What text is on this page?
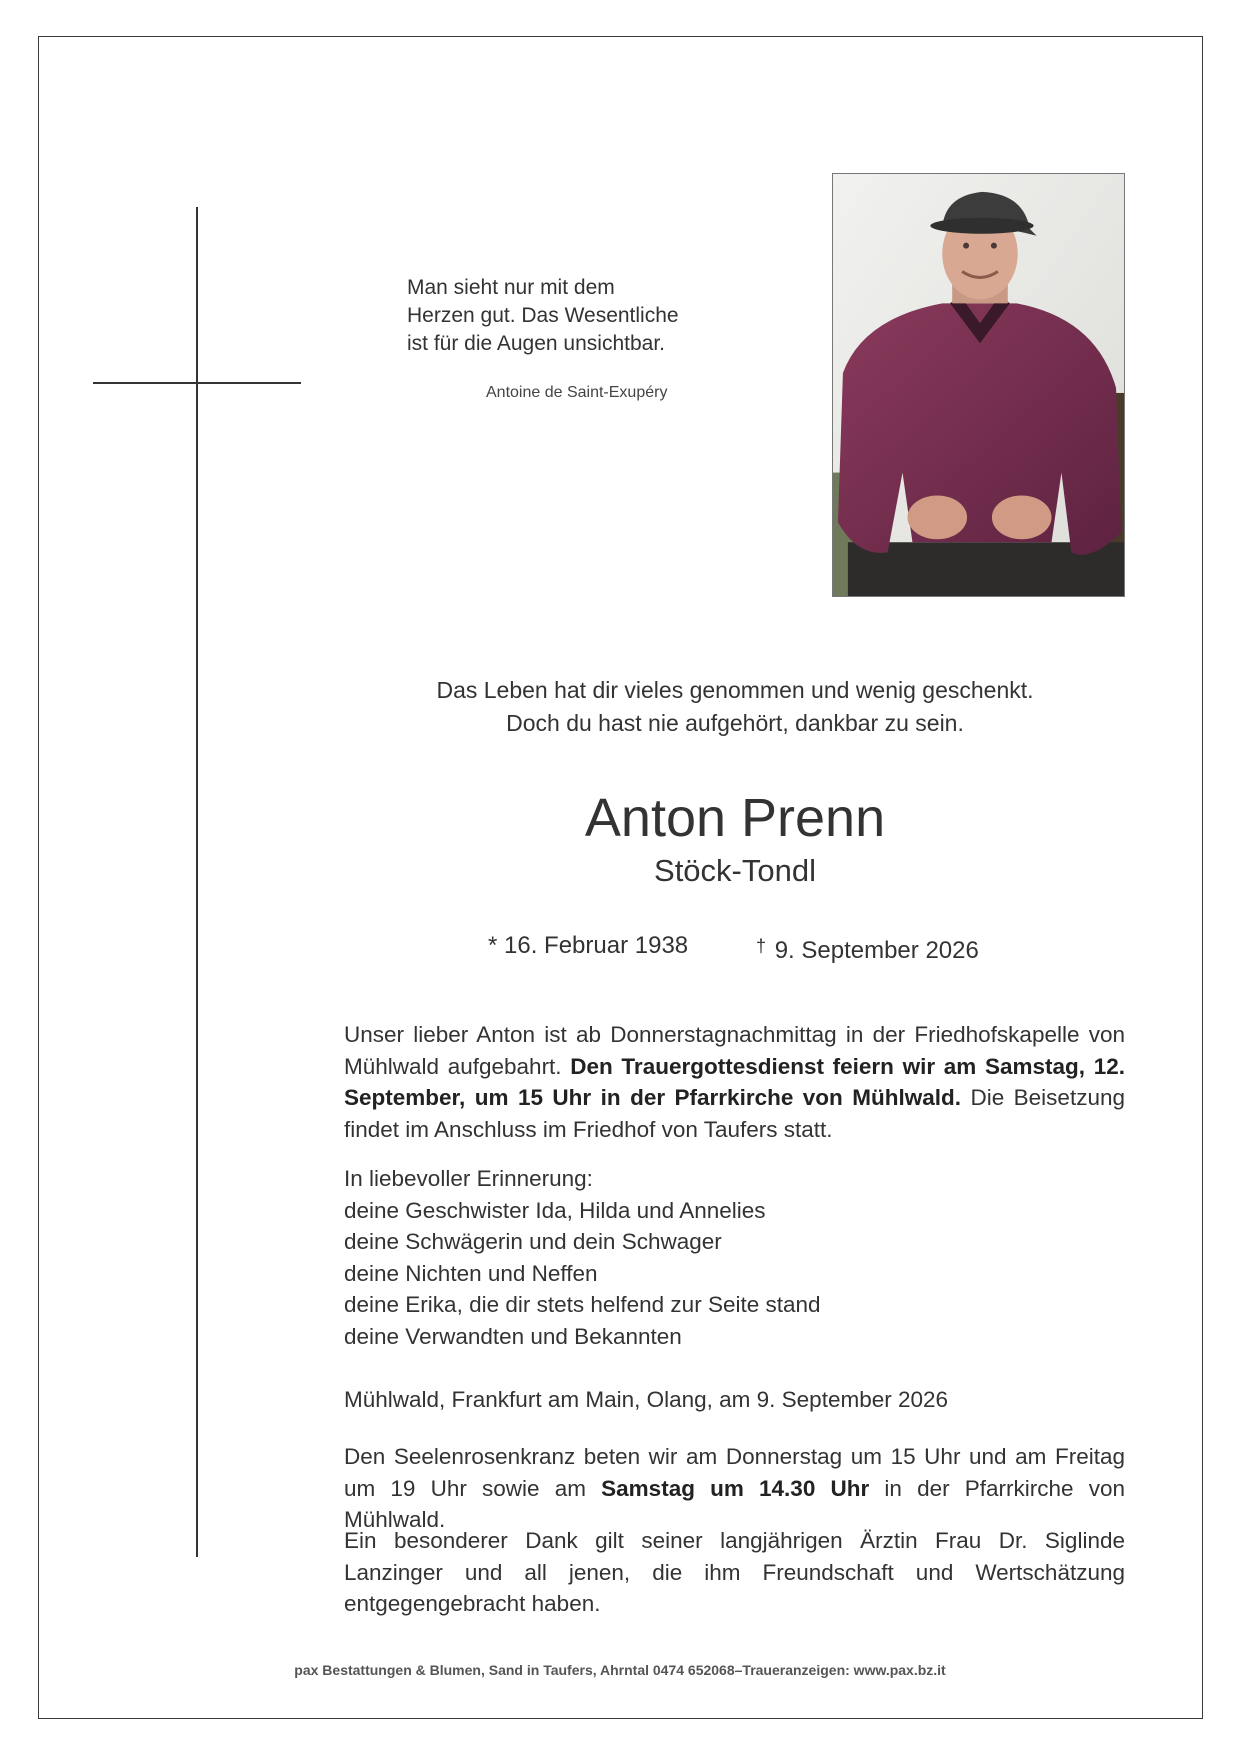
Man sieht nur mit dem
Herzen gut. Das Wesentliche
ist für die Augen unsichtbar.
Antoine de Saint-Exupéry
Das Leben hat dir vieles genommen und wenig geschenkt.
Doch du hast nie aufgehört, dankbar zu sein.
Anton Prenn
Stöck-Tondl
* 16. Februar 1938	† 9. September 2026
Unser lieber Anton ist ab Donnerstagnachmittag in der Friedhofskapelle von Mühlwald aufgebahrt. Den Trauergottesdienst feiern wir am Samstag, 12. September, um 15 Uhr in der Pfarrkirche von Mühlwald. Die Beisetzung findet im Anschluss im Friedhof von Taufers statt.
In liebevoller Erinnerung:
deine Geschwister Ida, Hilda und Annelies
deine Schwägerin und dein Schwager
deine Nichten und Neffen
deine Erika, die dir stets helfend zur Seite stand
deine Verwandten und Bekannten
Mühlwald, Frankfurt am Main, Olang, am 9. September 2026
Den Seelenrosenkranz beten wir am Donnerstag um 15 Uhr und am Freitag um 19 Uhr sowie am Samstag um 14.30 Uhr in der Pfarrkirche von Mühlwald.
Ein besonderer Dank gilt seiner langjährigen Ärztin Frau Dr. Siglinde Lanzinger und all jenen, die ihm Freundschaft und Wertschätzung entgegengebracht haben.
pax Bestattungen & Blumen, Sand in Taufers, Ahrntal 0474 652068–Traueranzeigen: www.pax.bz.it
